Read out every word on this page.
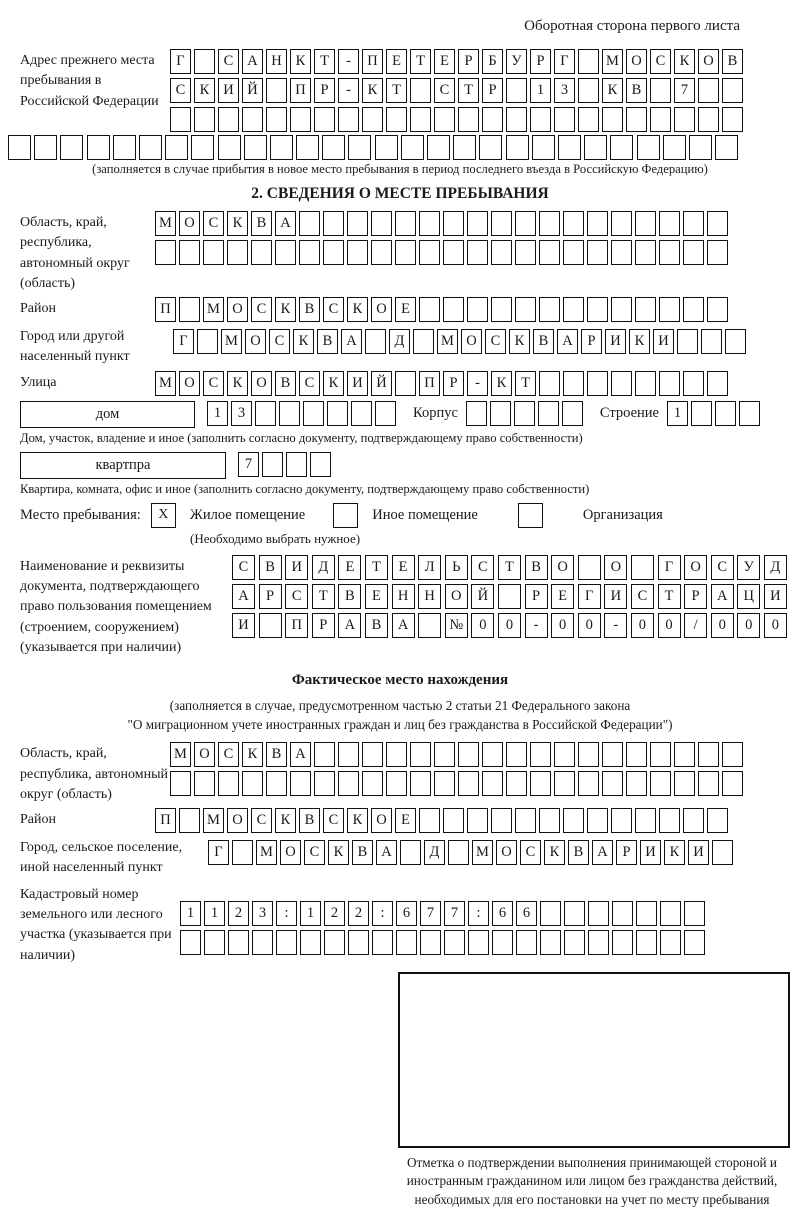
Оборотная сторона первого листа
Адрес прежнего места пребывания в Российской Федерации
Г	С А Н К	Т	-	П Е	Т	Е	Р	Б	У	Р	Г	М О С К О В
С К И Й	П	Р	-	К	Т	С	Т	Р	1	3	К В	7
(заполняется в случае прибытия в новое место пребывания в период последнего въезда в Российскую Федерацию)
2. СВЕДЕНИЯ О МЕСТЕ ПРЕБЫВАНИЯ
Область, край, республика, автономный округ (область)
М О С К В А
Район	П	М О С К В С К О Е
Город или другой населенный пункт
Г	М О С К В А	Д	М О С К В А	Р	И К И
Улица	М О С К О В С К И Й	П	Р	-	К	Т
дом	1	3	Корпус	Строение	1
Дом, участок, владение и иное (заполнить согласно документу, подтверждающему право собственности)
квартпра	7
Квартира, комната, офис и иное (заполнить согласно документу, подтверждающему право собственности)
Место пребывания:	X	Жилое помещение	Иное помещение	Организация
(Необходимо выбрать нужное)
Наименование и реквизиты документа, подтверждающего право пользования помещением (строением, сооружением) (указывается при наличии)
С	В	И	Д	Е	Т	Е	Л	Ь	С	Т	В	О	О	Г	О	С	У	Д
А	Р	С	Т	В	Е	Н	Н	О	Й	Р	Е	Г	И	С	Т	Р	А	Ц	И
И	П	Р	А	В	А	№	0	0	-	0	0	-	0	0	/	0	0	0
Фактическое место нахождения
(заполняется в случае, предусмотренном частью 2 статьи 21 Федерального закона
"О миграционном учете иностранных граждан и лиц без гражданства в Российской Федерации")
Область, край, республика, автономный округ (область)
М О С К В А
Район	П	М О С К В С К О Е
Город, сельское поселение, иной населенный пункт
Г	М О С К В А	Д	М О С К В А	Р	И К И
Кадастровый номер земельного или лесного участка (указывается при наличии)
1	1	2	3	:	1	2	2	:	6	7	7	:	6	6
Отметка о подтверждении выполнения принимающей стороной и иностранным гражданином или лицом без гражданства действий, необходимых для его постановки на учет по месту пребывания
